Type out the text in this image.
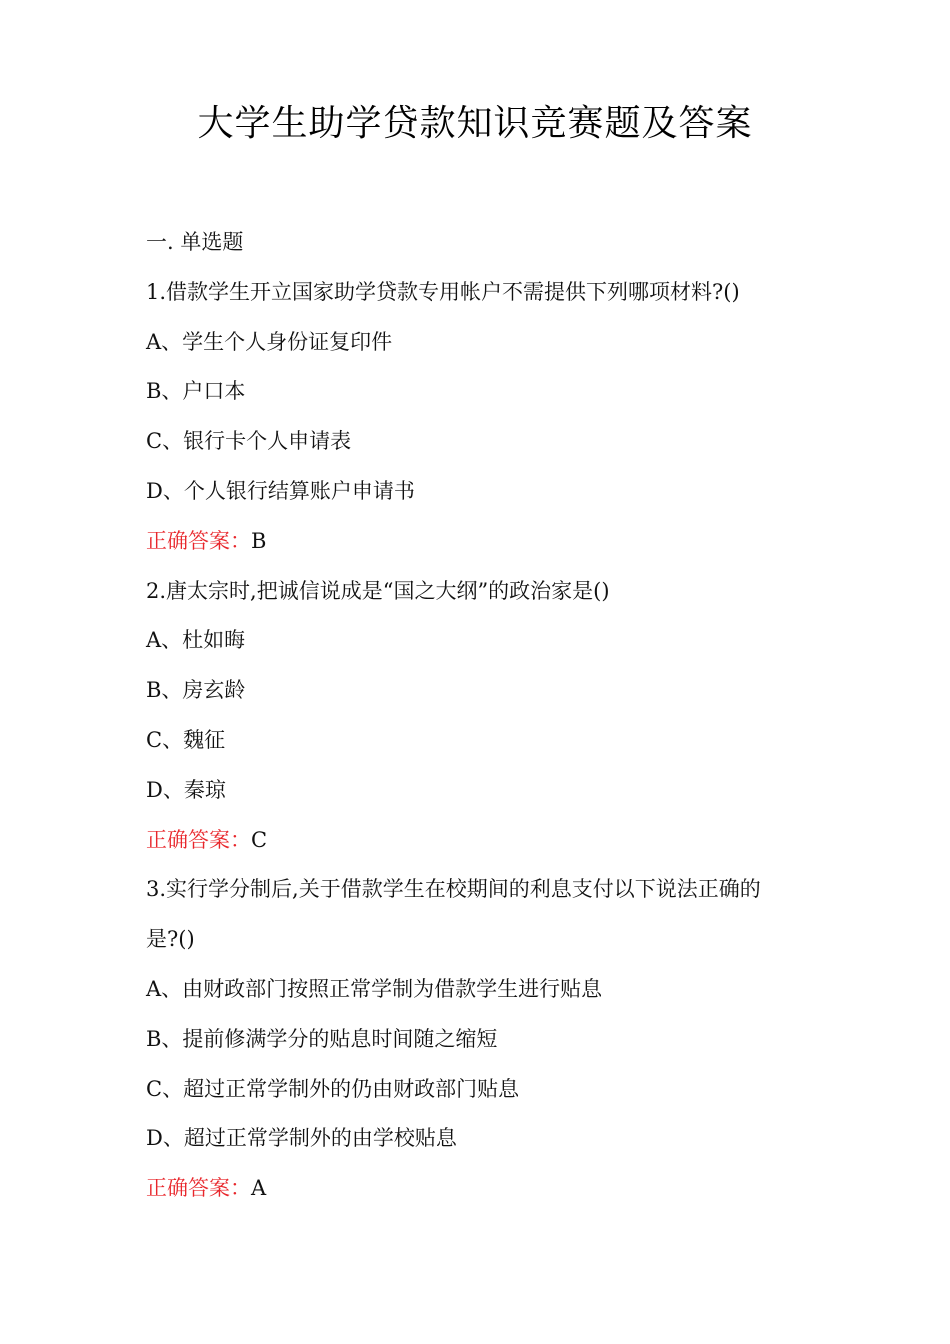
大学生助学贷款知识竞赛题及答案
一. 单选题
1.借款学生开立国家助学贷款专用帐户不需提供下列哪项材料?()
A、学生个人身份证复印件
B、户口本
C、银行卡个人申请表
D、个人银行结算账户申请书
正确答案：B
2.唐太宗时,把诚信说成是“国之大纲”的政治家是()
A、杜如晦
B、房玄龄
C、魏征
D、秦琼
正确答案：C
3.实行学分制后,关于借款学生在校期间的利息支付以下说法正确的
是?()
A、由财政部门按照正常学制为借款学生进行贴息
B、提前修满学分的贴息时间随之缩短
C、超过正常学制外的仍由财政部门贴息
D、超过正常学制外的由学校贴息
正确答案：A
